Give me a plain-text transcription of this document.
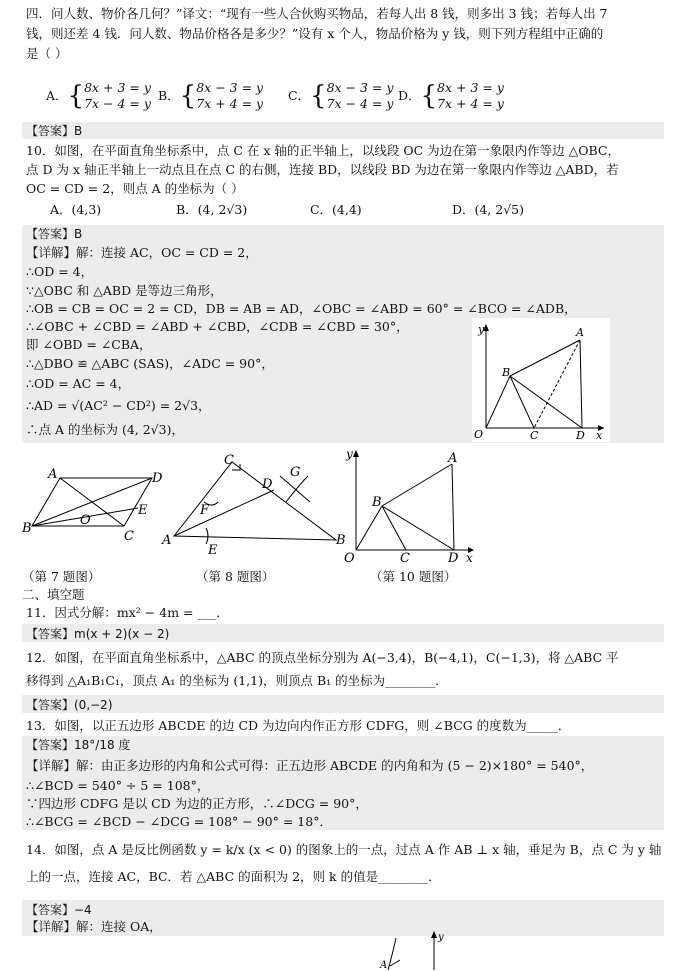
四．问人数、物价各几何？”译文：“现有一些人合伙购买物品，若每人出 8 钱，则多出 3 钱；若每人出 7
钱，则还差 4 钱．问人数、物品价格各是多少？”设有 x 个人，物品价格为 y 钱，则下列方程组中正确的
是（ ）
A．{8x + 3 = y
7x − 4 = y B．{8x − 3 = y
7x + 4 = y C．{8x − 3 = y
7x − 4 = y D．{8x + 3 = y
7x + 4 = y
【答案】B
10．如图，在平面直角坐标系中，点 C 在 x 轴的正半轴上，以线段 OC 为边在第一象限内作等边 △OBC，
点 D 为 x 轴正半轴上一动点且在点 C 的右侧，连接 BD，以线段 BD 为边在第一象限内作等边 △ABD，若
OC = CD = 2，则点 A 的坐标为（ ）
A．(4,3)	B．(4, 2√3)	C．(4,4)	D．(4, 2√5)
【答案】B
【详解】解：连接 AC，OC = CD = 2，
∴OD = 4，
∵△OBC 和 △ABD 是等边三角形，
∴OB = CB = OC = 2 = CD，DB = AB = AD，∠OBC = ∠ABD = 60° = ∠BCO = ∠ADB，
∴∠OBC + ∠CBD = ∠ABD + ∠CBD，∠CDB = ∠CBD = 30°，
即 ∠OBD = ∠CBA，
∴△DBO ≌ △ABC (SAS)，∠ADC = 90°，
∴OD = AC = 4，
∴AD = √(AC² − CD²) = 2√3，
∴点 A 的坐标为 (4, 2√3)，
y
O
B
C	D
A
x
A
B
C
D
E
O
C
A	B
D
G
F
E
y
O
B
C	D
A
x
（第 7 题图）	（第 8 题图）	（第 10 题图）
二、填空题
11．因式分解：mx² − 4m = ___．
【答案】m(x + 2)(x − 2)
12．如图，在平面直角坐标系中，△ABC 的顶点坐标分别为 A(−3,4)，B(−4,1)，C(−1,3)，将 △ABC 平
移得到 △A₁B₁C₁，顶点 A₁ 的坐标为 (1,1)，则顶点 B₁ 的坐标为________．
【答案】(0,−2)
13．如图，以正五边形 ABCDE 的边 CD 为边向内作正方形 CDFG，则 ∠BCG 的度数为_____．
【答案】18°/18 度
【详解】解：由正多边形的内角和公式可得：正五边形 ABCDE 的内角和为 (5 − 2)×180° = 540°，
∴∠BCD = 540° ÷ 5 = 108°，
∵四边形 CDFG 是以 CD 为边的正方形，∴∠DCG = 90°，
∴∠BCG = ∠BCD − ∠DCG = 108° − 90° = 18°．
14．如图，点 A 是反比例函数 y = k/x (x < 0) 的图象上的一点，过点 A 作 AB ⊥ x 轴，垂足为 B，点 C 为 y 轴
上的一点，连接 AC，BC．若 △ABC 的面积为 2，则 k 的值是________．
【答案】−4
【详解】解：连接 OA，
y
A
